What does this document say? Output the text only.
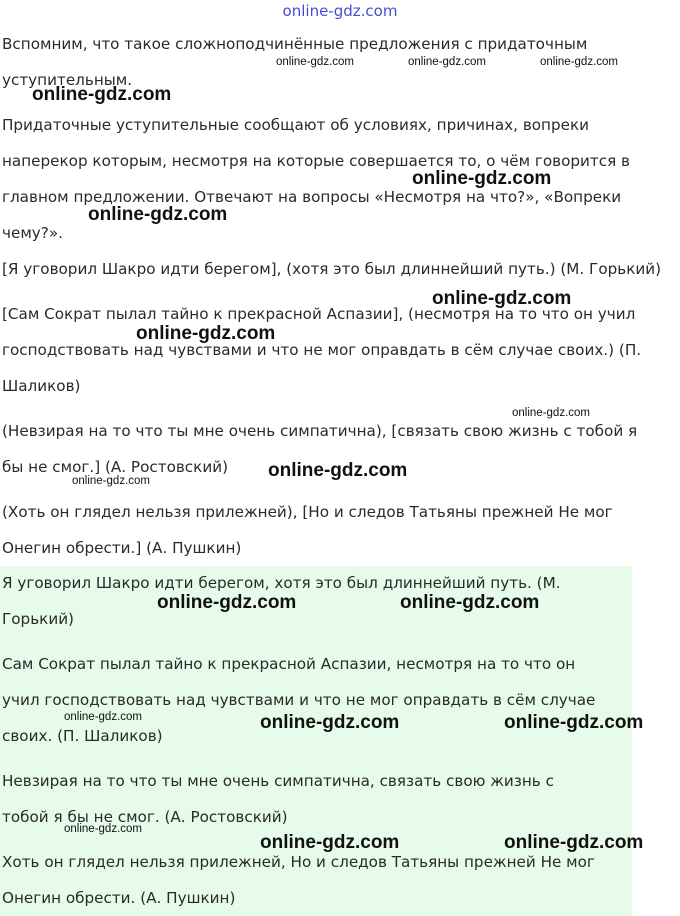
online-gdz.com
Вспомним, что такое сложноподчинённые предложения с придаточным
уступительным.
Придаточные уступительные сообщают об условиях, причинах, вопреки
наперекор которым, несмотря на которые совершается то, о чём говорится в
главном предложении. Отвечают на вопросы «Несмотря на что?», «Вопреки
чему?».
[Я уговорил Шакро идти берегом], (хотя это был длиннейший путь.) (М. Горький)
[Сам Сократ пылал тайно к прекрасной Аспазии], (несмотря на то что он учил
господствовать над чувствами и что не мог оправдать в сём случае своих.) (П.
Шаликов)
(Невзирая на то что ты мне очень симпатична), [связать свою жизнь с тобой я
бы не смог.] (А. Ростовский)
(Хоть он глядел нельзя прилежней), [Но и следов Татьяны прежней Не мог
Онегин обрести.] (А. Пушкин)
Я уговорил Шакро идти берегом, хотя это был длиннейший путь. (М.
Горький)
Сам Сократ пылал тайно к прекрасной Аспазии, несмотря на то что он
учил господствовать над чувствами и что не мог оправдать в сём случае
своих. (П. Шаликов)
Невзирая на то что ты мне очень симпатична, связать свою жизнь с
тобой я бы не смог. (А. Ростовский)
Хоть он глядел нельзя прилежней, Но и следов Татьяны прежней Не мог
Онегин обрести. (А. Пушкин)
online-gdz.com	online-gdz.com	online-gdz.com
online-gdz.com
online-gdz.com
online-gdz.com
online-gdz.com
online-gdz.com
online-gdz.com
online-gdz.com
online-gdz.com
online-gdz.com	online-gdz.com
online-gdz.com	online-gdz.com	online-gdz.com
online-gdz.com
online-gdz.com	online-gdz.com
